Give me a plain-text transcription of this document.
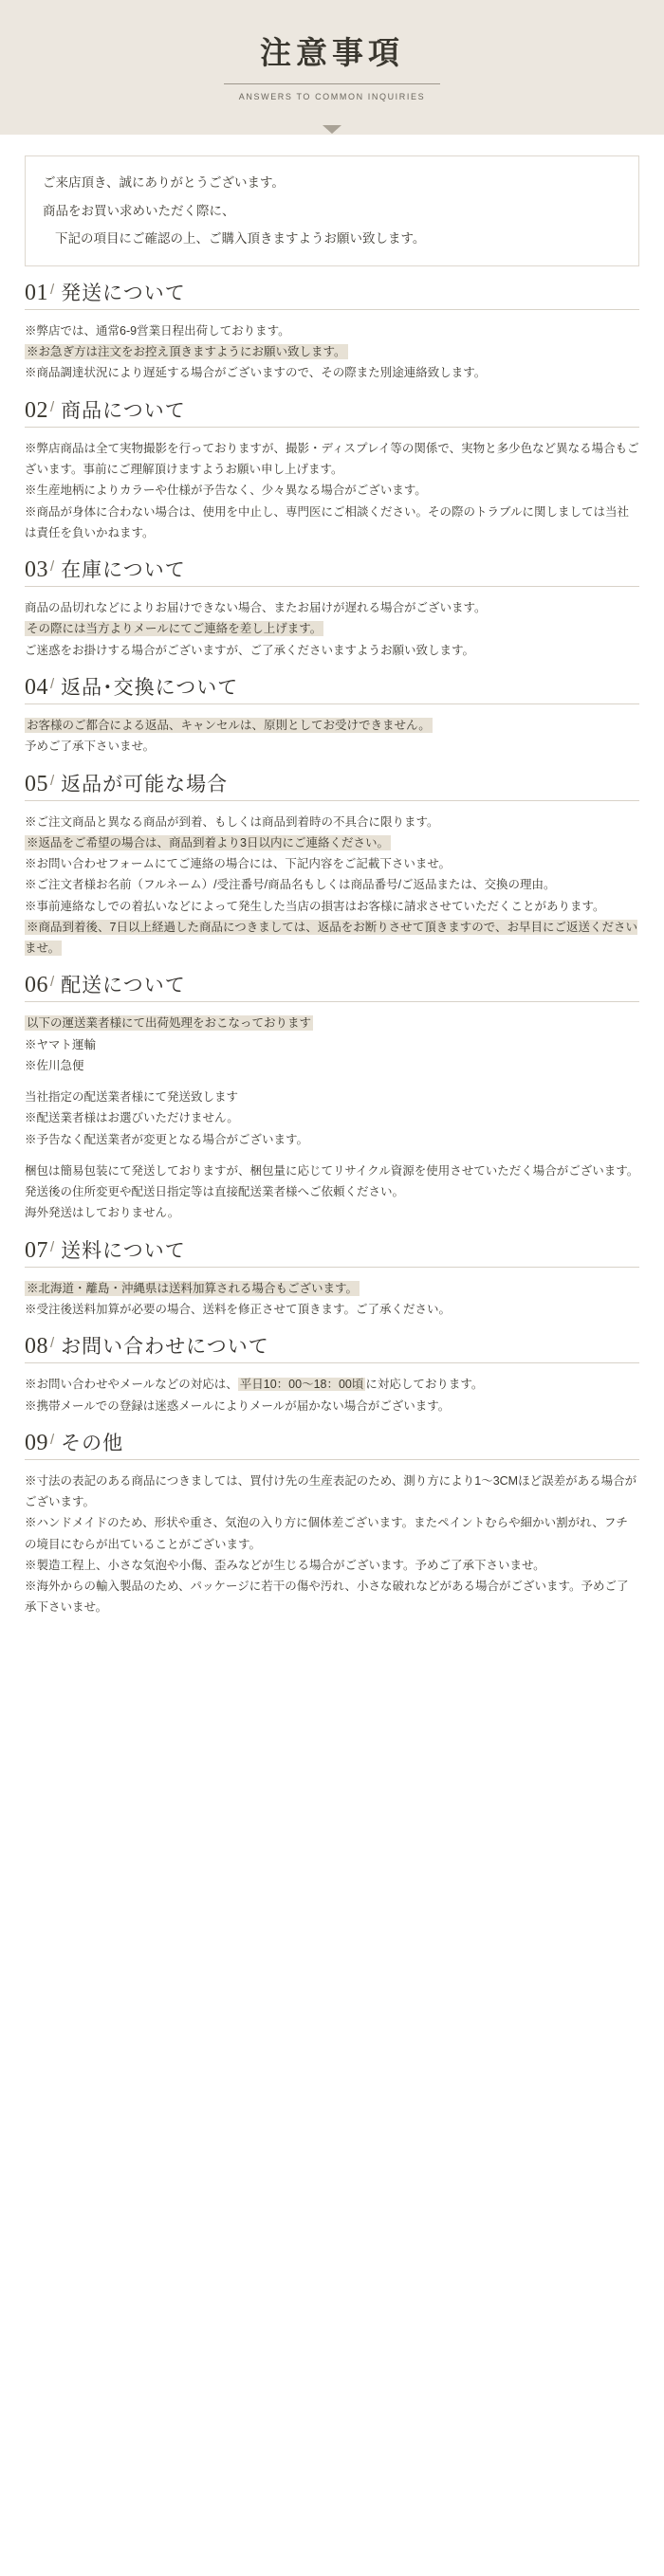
注意事項

ANSWERS TO COMMON INQUIRIES

ご来店頂き、誠にありがとうございます。

商品をお買い求めいただく際に、

下記の項目にご確認の上、ご購入頂きますようお願い致します。

01 / 発送について

※弊店では、通常6-9営業日程出荷しております。

※お急ぎ方は注文をお控え頂きますようにお願い致します。

※商品調達状況により遅延する場合がございますので、その際また別途連絡致します。

02 / 商品について

※弊店商品は全て実物撮影を行っておりますが、撮影・ディスプレイ等の関係で、実物と多少色など異なる場合もございます。事前にご理解頂けますようお願い申し上げます。

※生産地柄によりカラーや仕様が予告なく、少々異なる場合がございます。

※商品が身体に合わない場合は、使用を中止し、専門医にご相談ください。その際のトラブルに関しましては当社は責任を負いかねます。

03 / 在庫について

商品の品切れなどによりお届けできない場合、またお届けが遅れる場合がございます。

その際には当方よりメールにてご連絡を差し上げます。

ご迷惑をお掛けする場合がございますが、ご了承くださいますようお願い致します。

04 / 返品･交換について

お客様のご都合による返品、キャンセルは、原則としてお受けできません。

予めご了承下さいませ。

05 / 返品が可能な場合

※ご注文商品と異なる商品が到着、もしくは商品到着時の不具合に限ります。

※返品をご希望の場合は、商品到着より3日以内にご連絡ください。

※お問い合わせフォームにてご連絡の場合には、下記内容をご記載下さいませ。

※ご注文者様お名前（フルネーム）/受注番号/商品名もしくは商品番号/ご返品または、交換の理由。

※事前連絡なしでの着払いなどによって発生した当店の損害はお客様に請求させていただくことがあります。

※商品到着後、7日以上経過した商品につきましては、返品をお断りさせて頂きますので、お早目にご返送くださいませ。

06 / 配送について

以下の運送業者様にて出荷処理をおこなっております

※ヤマト運輸

※佐川急便

当社指定の配送業者様にて発送致します

※配送業者様はお選びいただけません。

※予告なく配送業者が変更となる場合がございます。

梱包は簡易包装にて発送しておりますが、梱包量に応じてリサイクル資源を使用させていただく場合がございます。

発送後の住所変更や配送日指定等は直接配送業者様へご依頼ください。

海外発送はしておりません。

07 / 送料について

※北海道・離島・沖縄県は送料加算される場合もございます。

※受注後送料加算が必要の場合、送料を修正させて頂きます。ご了承ください。

08 / お問い合わせについて

※お問い合わせやメールなどの対応は、 平日10：00～18：00頃 に対応しております。

※携帯メールでの登録は迷惑メールによりメールが届かない場合がございます。

09 / その他

※寸法の表記のある商品につきましては、買付け先の生産表記のため、測り方により1～3CMほど誤差がある場合がございます。

※ハンドメイドのため、形状や重さ、気泡の入り方に個体差ございます。またペイントむらや細かい割がれ、フチの境目にむらが出ていることがございます。

※製造工程上、小さな気泡や小傷、歪みなどが生じる場合がございます。予めご了承下さいませ。

※海外からの輸入製品のため、パッケージに若干の傷や汚れ、小さな破れなどがある場合がございます。予めご了承下さいませ。
